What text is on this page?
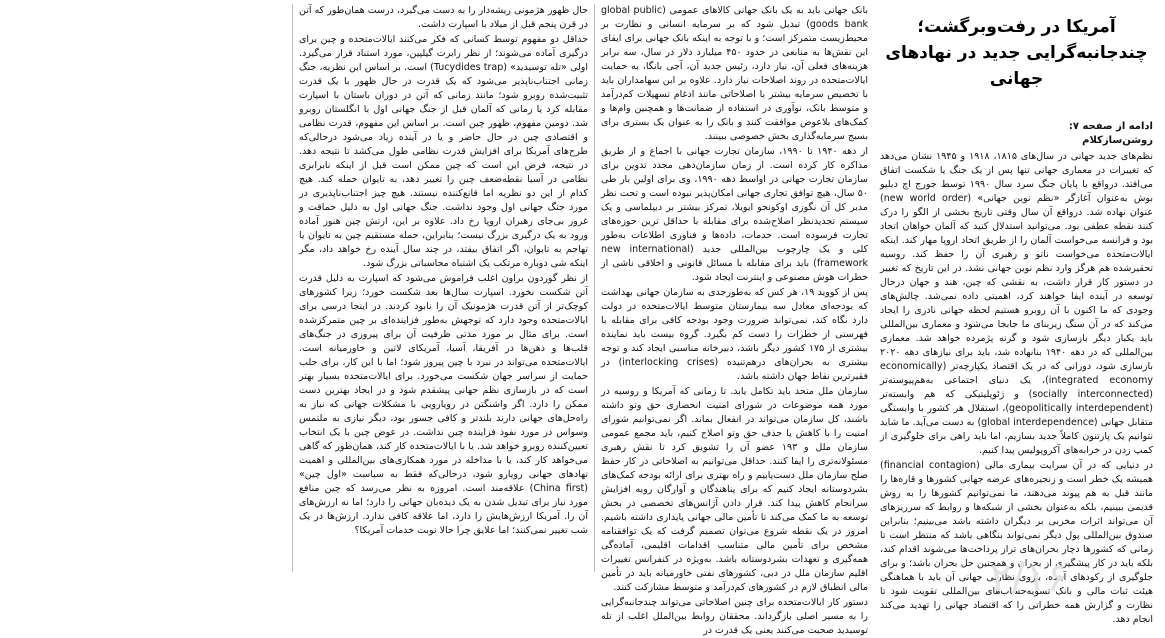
آمریکا در رفت‌وبرگشت؛
چندجانبه‌گرایی جدید در نهادهای جهانی
ادامه از صفحه ۷:
روشن‌سازکلام

نظم‌های جدید جهانی در سال‌های ۱۸۱۵، ۱۹۱۸ و ۱۹۴۵ نشان می‌دهد که تغییرات در معماری جهانی تنها پس از یک جنگ یا شکست اتفاق می‌افتد. درواقع با پایان جنگ سرد سال ۱۹۹۰ توسط جورج اچ دبلیو بوش به‌عنوان آغازگر «نظم نوین جهانی» (new world order) عنوان نهاده شد. درواقع آن سال وقتی تاریخ بخشی از الگو را درک کنند نقطه عطفی بود. می‌توانید استدلال کنید که آلمان خواهان اتحاد بود و فرانسه می‌خواست آلمان را از طریق اتحاد اروپا مهار کند. اینکه ایالات‌متحده می‌خواست ناتو و رهبری آن را حفظ کند. روسیه تحقیرشده هم هرگز وارد نظم نوین جهانی نشد. در این تاریخ که تغییر در دستور کار قرار داشت، به نقشی که چین، هند و جهان درحال توسعه در آینده ایفا خواهند کرد، اهمیتی داده نمی‌شد. چالش‌های وجودی که ما اکنون با آن روبرو هستیم لحظه جهانی نادری را ایجاد می‌کند که در آن سنگ زیربنای ما جابجا می‌شود و معماری بین‌المللی باید یکبار دیگر بازسازی شود و گرنه پژمرده خواهد شد. معماری بین‌المللی که در دهه ۱۹۴۰ بنانهاده شد، باید برای نیازهای دهه ۲۰۲۰ بازسازی شود، دورانی که در یک اقتصاد یکپارچه‌تر (economically integrated economy)، یک دنیای اجتماعی به‌هم‌پیوسته‌تر (socially interconnected) و ژئوپلیتیکی که هم وابسته‌تر (geopolitically interdependent)، استقلال هر کشور با وابستگی متقابل جهانی (global interdependence) به دست می‌آید. ما شاید نتوانیم یک پارتنون کاملاً جدید بسازیم، اما باید راهی برای جلوگیری از کمپ زدن در خرابه‌های آکروپولیس پیدا کنیم.

در دنیایی که در آن سرایت بیماری مالی (financial contagion) همیشه یک خطر است و زنجیره‌های عرضه جهانی کشورها و قاره‌ها را مانند قبل به هم پیوند می‌دهند، ما نمی‌توانیم کشورها را به روش قدیمی ببینیم، بلکه به‌عنوان بخشی از شبکه‌ها و روابط که سرریزهای آن می‌تواند اثرات مخربی بر دیگران داشته باشد می‌بینیم؛ بنابراین صندوق بین‌المللی پول دیگر نمی‌تواند بنگاهی باشد که منتظر است تا زمانی که کشورها دچار بحران‌های تراز پرداخت‌ها می‌شوند اقدام کند، بلکه باید در کار پیشگیری از بحران و همچنین حل بحران باشد؛ و برای جلوگیری از رکودهای آینده، بازوی نظارتی جهانی آن باید با هماهنگی هیئت ثبات مالی و بانک تسویه‌حساب‌های بین‌المللی تقویت شود تا نظارت و گزارش همه خطراتی را که اقتصاد جهانی را تهدید می‌کند انجام دهد.

بانک جهانی باید به یک بانک جهانی کالاهای عمومی (global public goods bank) تبدیل شود که بر سرمایه انسانی و نظارت بر محیط‌زیست متمرکز است؛ و با توجه به اینکه بانک جهانی برای ایفای این نقش‌ها به منابعی در حدود ۴۵۰ میلیارد دلار در سال، سه برابر هزینه‌های فعلی آن، نیاز دارد، رئیس جدید آن، آجی بانگا، به حمایت ایالات‌متحده در روند اصلاحات نیاز دارد. علاوه بر این سهامداران باید با تخصیص سرمایه بیشتر با اصلاحاتی مانند ادغام تسهیلات کم‌درآمد و متوسط بانک، نوآوری در استفاده از ضمانت‌ها و همچنین وام‌ها و کمک‌های بلاعوض موافقت کنند و بانک را به عنوان یک بستری برای بسیج سرمایه‌گذاری بخش خصوصی ببینند.

از دهه ۱۹۴۰ تا ۱۹۹۰، سازمان تجارت جهانی با اجماع و از طریق مذاکره کار کرده است. از زمان سازمان‌دهی مجدد تدوین برای سازمان تجارت جهانی در اواسط دهه ۱۹۹۰، وی برای اولین بار طی ۵۰ سال، هیچ توافق تجاری جهانی امکان‌پذیر نبوده است و تحت نظر مدیر کل آن نگوزی اوکونجو ایویلا، تمرکز بیشتر بر دیپلماسی و یک سیستم تجدیدنظر اصلاح‌شده برای مقابله با حداقل ترین حوزه‌های تجارت فرسوده است. خدمات، داده‌ها و فناوری اطلاعات به‌طور کلی و یک چارچوب بین‌المللی جدید (new international framework) باید برای مقابله با مسائل قانونی و اخلاقی ناشی از خطرات هوش مصنوعی و اینترنت ایجاد شود.

پس از کووید ۱۹، هر کس که به‌طورجدی به سازمان جهانی بهداشت که بودجه‌ای معادل سه بیمارستان متوسط ایالات‌متحده در دولت دارد نگاه کند، نمی‌تواند ضرورت وجود بودجه کافی برای مقابله با فهرستی از خطرات را دست کم بگیرد. گروه بیست باید نماینده بیشتری از ۱۷۵ کشور دیگر باشد، دبیرخانه مناسبی ایجاد کند و توجه بیشتری به بحران‌های درهم‌تنیده (interlocking crises) در فقیرترین نقاط جهان داشته باشد.

سازمان ملل متحد باید تکامل یابد. تا زمانی که آمریکا و روسیه در مورد همه موضوعات در شورای امنیت انحصاری حق وتو داشته باشند، کل سازمان می‌تواند در انفعال بماند. اگر نمی‌توانیم شورای امنیت را با کاهش یا حذف حق وتو اصلاح کنیم، باید مجمع عمومی سازمان ملل و ۱۹۳ عضو آن را تشویق کرد تا نقش رهبری مسئولانه‌تری را ایفا کنند. حداقل می‌توانیم به اصلاحاتی در کار حفظ صلح سازمان ملل دست‌یابیم و راه بهتری برای ارائه بودجه کمک‌های بشردوستانه ایجاد کنیم که برای پناهندگان و آوارگان رویه افزایش سرانجام کاهش پیدا کند. قرار دادن آژانس‌های تخصصی در بخش توسعه به ما کمک می‌کند تا تأمین مالی جهانی پایداری داشته باشیم. امروز در یک نقطه شروع می‌توان تصمیم گرفت که یک توافقنامه مشخص برای تأمین مالی متناسب اقدامات اقلیمی، آماده‌گی همه‌گیری و تعهدات بشردوستانه باشد. به‌ویژه در کنفرانس تغییرات اقلیم سازمان ملل در دبی، کشورهای نفتی خاورمیانه باید در تأمین مالی انطباق لازم در کشورهای کم‌درآمد و متوسط مشارکت کنند.

دستور کار ایالات‌متحده برای چنین اصلاحاتی می‌تواند چندجانبه‌گرایی را به مسیر اصلی بازگرداند. محققان روابط بین‌الملل اغلب از تله توسیدید صحبت می‌کنند یعنی یک قدرت در

حال ظهور هژمونی ریشه‌دار را به دست می‌گیرد، درست همان‌طور که آتن در قرن پنجم قبل از میلاد با اسپارت داشت.

حداقل دو مفهوم توسط کسانی که فکر می‌کنند ایالات‌متحده و چین برای درگیری آماده می‌شوند؛ از نظر رابرت گیلپین، مورد استناد قرار می‌گیرد. اولی «تله توسیدید» (Tucydides trap) است. بر اساس این نظریه، جنگ زمانی اجتناب‌ناپذیر می‌شود که یک قدرت در حال ظهور با یک قدرت تثبیت‌شده روبرو شود؛ مانند زمانی که آتن در دوران باستان با اسپارت مقابله کرد یا زمانی که آلمان قبل از جنگ جهانی اول با انگلستان روبرو شد. دومین مفهوم، ظهور چین است. بر اساس این مفهوم، قدرت نظامی و اقتصادی چین در حال حاضر و یا در آینده زیاد می‌شود درحالی‌که طرح‌های آمریکا برای افزایش قدرت نظامی طول می‌کشد تا نتیجه دهد. در نتیجه، فرض این است که چین ممکن است قبل از اینکه نابرابری نظامی در آسیا نقطه‌ضعف چین را تغییر دهد، به تایوان حمله کند. هیچ کدام از این دو نظریه اما قانع‌کننده نیستند. هیچ چیز اجتناب‌ناپذیری در مورد جنگ جهانی اول وجود نداشت. جنگ جهانی اول به دلیل حماقت و غرور بی‌جای رهبران اروپا رخ داد. علاوه بر این، ارتش چین هنوز آماده ورود به یک درگیری بزرگ نیست؛ بنابراین، حمله مستقیم چین به تایوان یا تهاجم به تایوان، اگر اتفاق بیفتد، در چند سال آینده رخ خواهد داد، مگر اینکه شی دوباره مرتکب یک اشتباه محاسباتی بزرگ شود.

از نظر گوردون براون اغلب فراموش می‌شود که اسپارت به دلیل قدرت آتن شکست نخورد. اسپارت سال‌ها بعد شکست خورد؛ زیرا کشورهای کوچک‌تر از آتن قدرت هژمونیک آن را نابود کردند. در اینجا درسی برای ایالات‌متحده وجود دارد که توجهش به‌طور فزاینده‌ای بر چین متمرکزشده است. برای مثال بر مورد مدتی ظرفیت آن برای پیروزی در جنگ‌های قلب‌ها و ذهن‌ها در آفریقا، آسیا، آمریکای لاتین و خاورمیانه است. ایالات‌متحده می‌تواند در نبرد با چین پیروز شود؛ اما با این کار، برای جلب حمایت از سراسر جهان شکست می‌خورد. برای ایالات‌متحده بسیار بهتر است که در بازسازی نظم جهانی پیشقدم شود و در ایجاد بهترین دست ممکن را دارد. اگر واشنگتن در رویارویی با مشکلات جهانی که نیاز به راه‌حل‌های جهانی دارند بلندتر و کافی جسور بود، دیگر نیازی به ملتمس وسواس در مورد نفوذ فزاینده چین نداشت. در عوض چین با یک انتخاب تعیین‌کننده روبرو خواهد شد. یا با ایالات‌متحده کار کند، همان‌طور که گاهی می‌خواهد کار کند، یا با مداخله در مورد همکاری‌های بین‌المللی و اهمیت نهادهای جهانی رویارو شود، درحالی‌که فقط به سیاست «اول چین» (China first) علاقه‌مند است. امروزه به نظر می‌رسد که چین منافع مورد نیاز برای تبدیل شدن به یک دیده‌بان جهانی را دارد؛ اما نه ارزش‌های آن را. آمریکا ارزش‌هایش را دارد، اما علاقه کافی ندارد. ارزش‌ها در یک شب تغییر نمی‌کنند؛ اما علایق چرا حالا نوبت خدمات آمریکا؟

۲/۱۶
